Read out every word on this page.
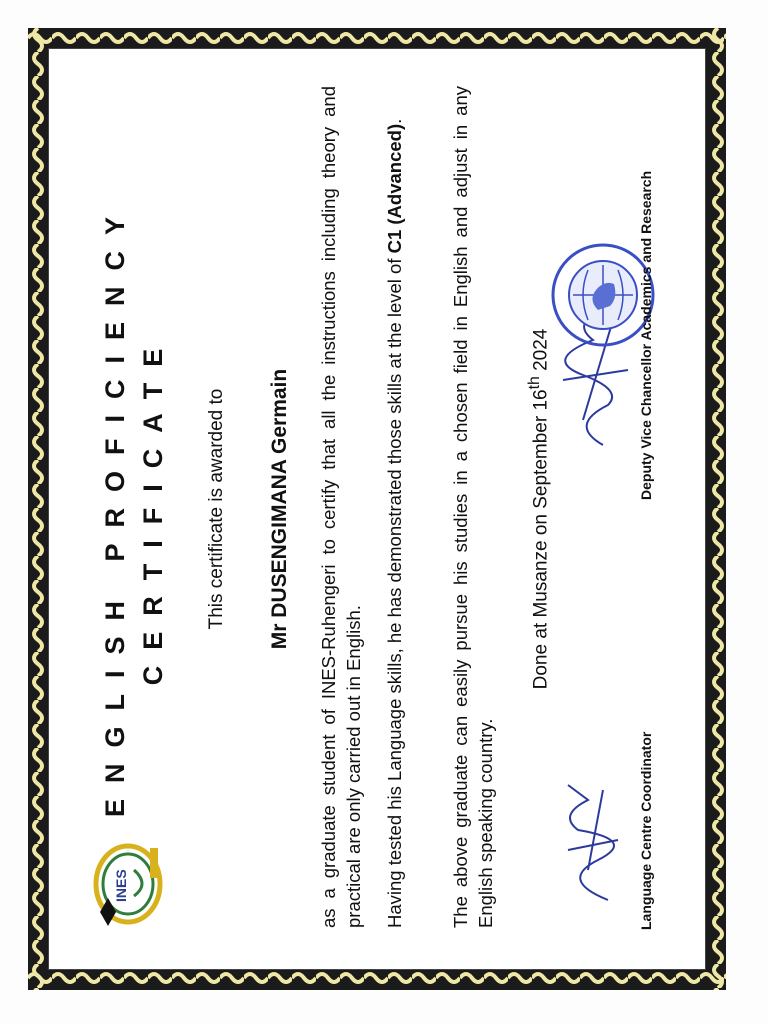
INES
ENGLISH PROFICIENCY CERTIFICATE This certificate is awarded to Mr DUSENGIMANA Germain as a graduate student of INES-Ruhengeri to certify that all the instructions including theory and practical are only carried out in English. Having tested his Language skills, he has demonstrated those skills at the level of C1 (Advanced). The above graduate can easily pursue his studies in a chosen field in English and adjust in any English speaking country.
Done at Musanze on September 16th 2024
Language Centre Coordinator
Deputy Vice Chancellor Academics and Research
